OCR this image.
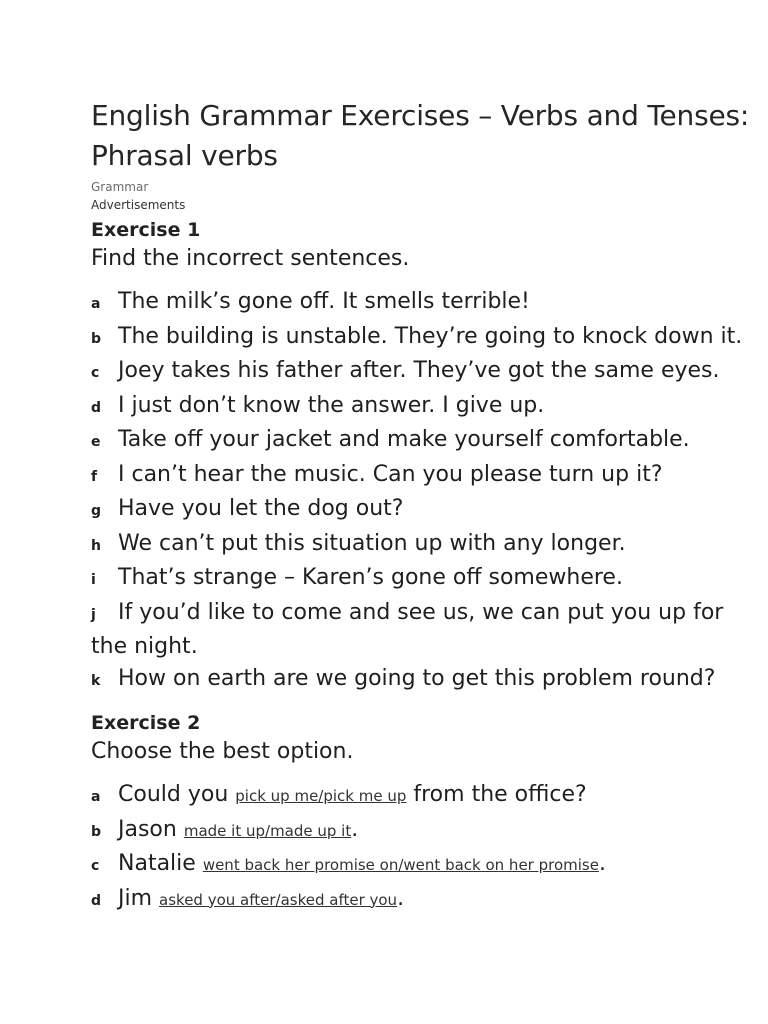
English Grammar Exercises – Verbs and Tenses: Phrasal verbs
Grammar
Advertisements
Exercise 1
Find the incorrect sentences.
a The milk’s gone off. It smells terrible!
b The building is unstable. They’re going to knock down it.
c Joey takes his father after. They’ve got the same eyes.
d I just don’t know the answer. I give up.
e Take off your jacket and make yourself comfortable.
f I can’t hear the music. Can you please turn up it?
g Have you let the dog out?
h We can’t put this situation up with any longer.
i That’s strange – Karen’s gone off somewhere.
j If you’d like to come and see us, we can put you up for the night.
k How on earth are we going to get this problem round?
Exercise 2
Choose the best option.
a Could you pick up me/pick me up from the office?
b Jason made it up/made up it.
c Natalie went back her promise on/went back on her promise.
d Jim asked you after/asked after you.
